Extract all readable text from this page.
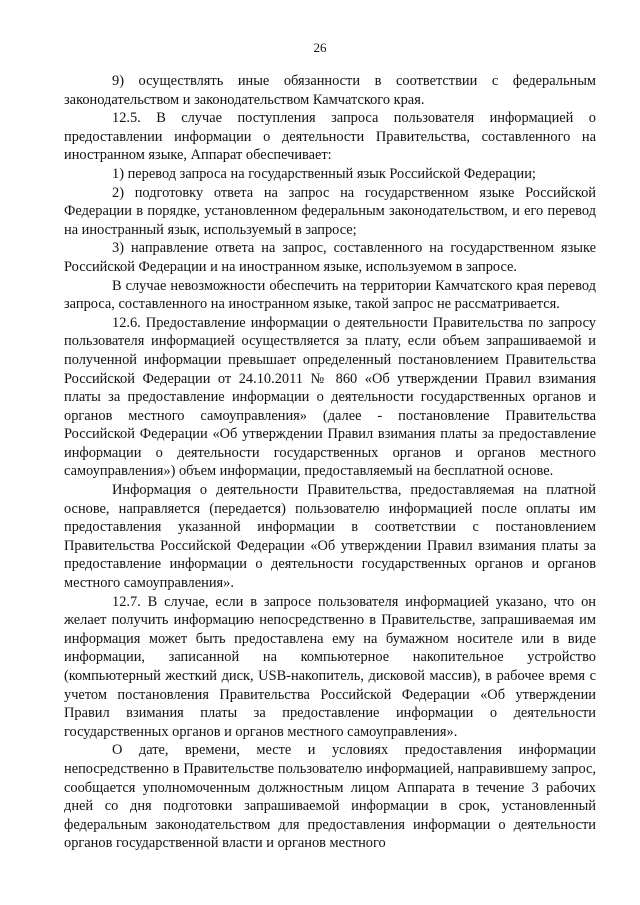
26

9) осуществлять иные обязанности в соответствии с федеральным законодательством и законодательством Камчатского края.

12.5. В случае поступления запроса пользователя информацией о предоставлении информации о деятельности Правительства, составленного на иностранном языке, Аппарат обеспечивает:

1) перевод запроса на государственный язык Российской Федерации;

2) подготовку ответа на запрос на государственном языке Российской Федерации в порядке, установленном федеральным законодательством, и его перевод на иностранный язык, используемый в запросе;

3) направление ответа на запрос, составленного на государственном языке Российской Федерации и на иностранном языке, используемом в запросе.

В случае невозможности обеспечить на территории Камчатского края перевод запроса, составленного на иностранном языке, такой запрос не рассматривается.

12.6. Предоставление информации о деятельности Правительства по запросу пользователя информацией осуществляется за плату, если объем запрашиваемой и полученной информации превышает определенный постановлением Правительства Российской Федерации от 24.10.2011 № 860 «Об утверждении Правил взимания платы за предоставление информации о деятельности государственных органов и органов местного самоуправления» (далее - постановление Правительства Российской Федерации «Об утверждении Правил взимания платы за предоставление информации о деятельности государственных органов и органов местного самоуправления») объем информации, предоставляемый на бесплатной основе.

Информация о деятельности Правительства, предоставляемая на платной основе, направляется (передается) пользователю информацией после оплаты им предоставления указанной информации в соответствии с постановлением Правительства Российской Федерации «Об утверждении Правил взимания платы за предоставление информации о деятельности государственных органов и органов местного самоуправления».

12.7. В случае, если в запросе пользователя информацией указано, что он желает получить информацию непосредственно в Правительстве, запрашиваемая им информация может быть предоставлена ему на бумажном носителе или в виде информации, записанной на компьютерное накопительное устройство (компьютерный жесткий диск, USB-накопитель, дисковой массив), в рабочее время с учетом постановления Правительства Российской Федерации «Об утверждении Правил взимания платы за предоставление информации о деятельности государственных органов и органов местного самоуправления».

О дате, времени, месте и условиях предоставления информации непосредственно в Правительстве пользователю информацией, направившему запрос, сообщается уполномоченным должностным лицом Аппарата в течение 3 рабочих дней со дня подготовки запрашиваемой информации в срок, установленный федеральным законодательством для предоставления информации о деятельности органов государственной власти и органов местного
